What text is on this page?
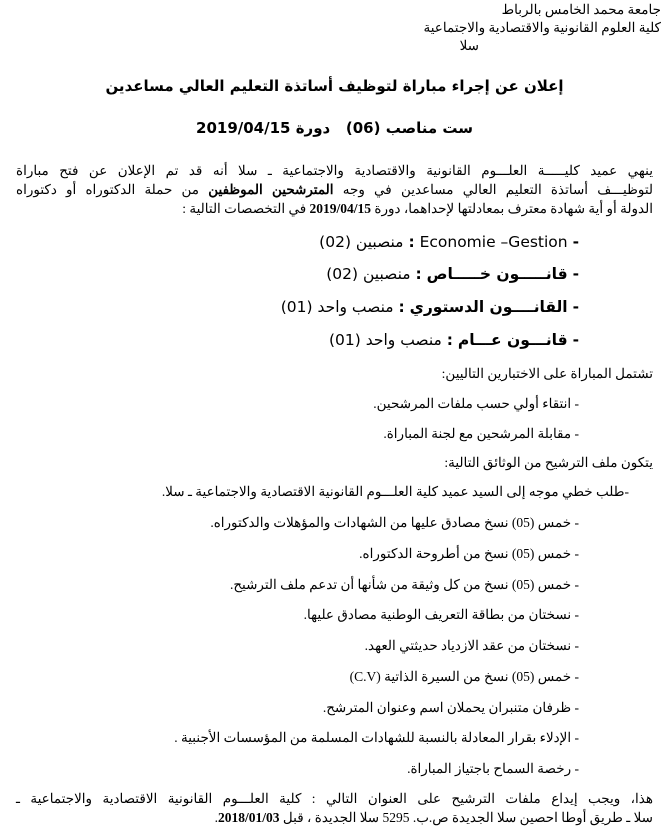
جامعة محمد الخامس بالرباط
كلية العلوم القانونية والاقتصادية والاجتماعية
سلا
إعلان عن إجراء مباراة لتوظيف أساتذة التعليم العالي مساعدين
ست مناصب (06)   دورة 2019/04/15
ينهي عميد كليـــــة العلـــوم القانونية والاقتصادية والاجتماعية ـ سلا أنه قد تم الإعلان عن فتح مباراة
لتوظيـــف أساتذة التعليم العالي مساعدين في وجه المترشحين الموظفين من حملة الدكتوراه أو دكتوراه
الدولة أو أية شهادة معترف بمعادلتها لإحداهما، دورة 2019/04/15 في التخصصات التالية :
- Economie –Gestion : منصبين (02)
- قانـــــون خـــــاص : منصبين (02)
- القانــــون الدستوري : منصب واحد (01)
- قانـــون عـــام : منصب واحد (01)
تشتمل المباراة على الاختبارين التاليين:
- انتقاء أولي حسب ملفات المرشحين.
- مقابلة المرشحين مع لجنة المباراة.
يتكون ملف الترشيح من الوثائق التالية:
-طلب خطي موجه إلى السيد عميد كلية العلـــوم القانونية الاقتصادية والاجتماعية ـ سلا.
- خمس (05) نسخ مصادق عليها من الشهادات والمؤهلات والدكتوراه.
- خمس (05) نسخ من أطروحة الدكتوراه.
- خمس (05) نسخ من كل وثيقة من شأنها أن تدعم ملف الترشيح.
- نسختان من بطاقة التعريف الوطنية مصادق عليها.
- نسختان من عقد الازدياد حديثتي العهد.
- خمس (05) نسخ من السيرة الذاتية (C.V)
- ظرفان متنبران يحملان اسم وعنوان المترشح.
- الإدلاء بقرار المعادلة بالنسبة للشهادات المسلمة من المؤسسات الأجنبية .
- رخصة السماح باجتياز المباراة.
هذا، ويجب إيداع ملفات الترشيح على العنوان التالي : كلية العلـــوم القانونية الاقتصادية والاجتماعية ـ
سلا ـ طريق أوطا احصين سلا الجديدة ص.ب. 5295 سلا الجديدة ، قبل 2018/01/03.
